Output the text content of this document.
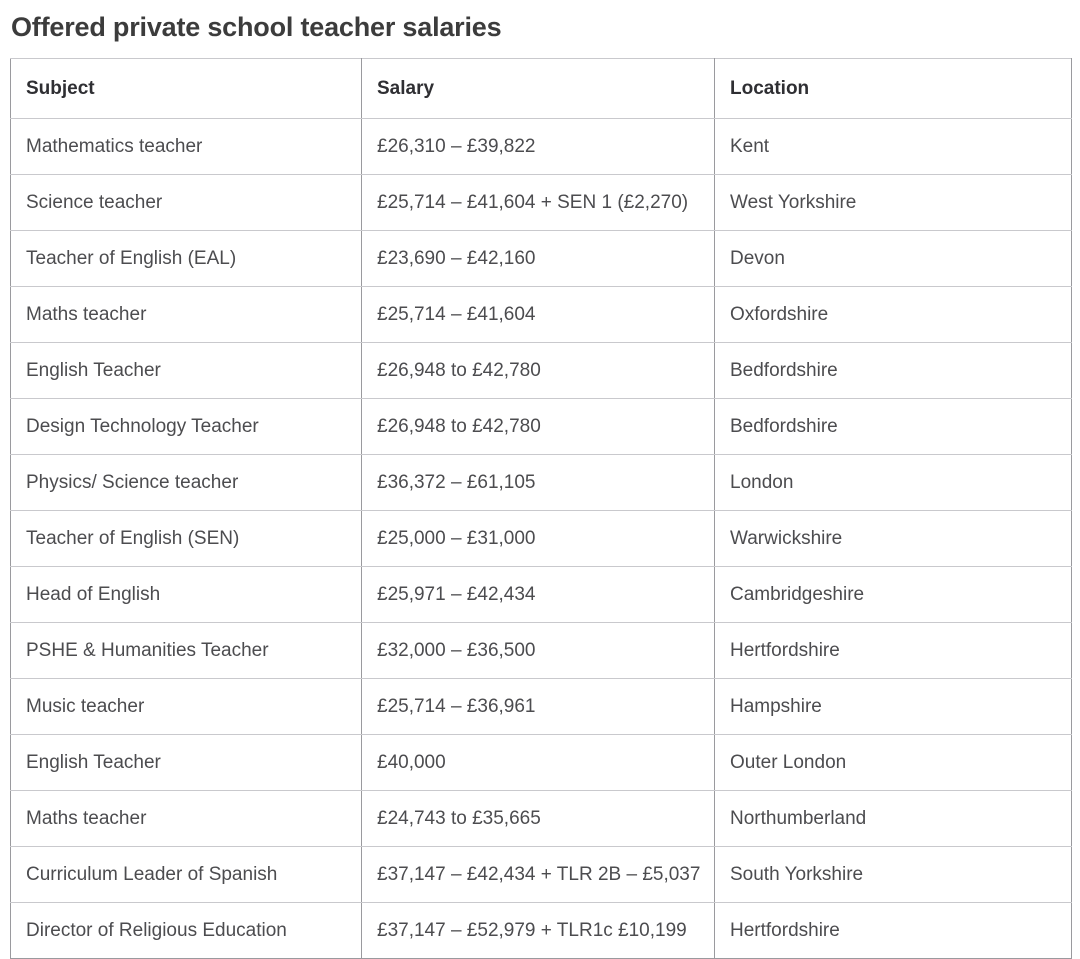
Offered private school teacher salaries
Subject	Salary	Location
Mathematics teacher	£26,310 – £39,822	Kent
Science teacher	£25,714 – £41,604 + SEN 1 (£2,270)	West Yorkshire
Teacher of English (EAL)	£23,690 – £42,160	Devon
Maths teacher	£25,714 – £41,604	Oxfordshire
English Teacher	£26,948 to £42,780	Bedfordshire
Design Technology Teacher	£26,948 to £42,780	Bedfordshire
Physics/ Science teacher	£36,372 – £61,105	London
Teacher of English (SEN)	£25,000 – £31,000	Warwickshire
Head of English	£25,971 – £42,434	Cambridgeshire
PSHE & Humanities Teacher	£32,000 – £36,500	Hertfordshire
Music teacher	£25,714 – £36,961	Hampshire
English Teacher	£40,000	Outer London
Maths teacher	£24,743 to £35,665	Northumberland
Curriculum Leader of Spanish	£37,147 – £42,434 + TLR 2B – £5,037	South Yorkshire
Director of Religious Education	£37,147 – £52,979 + TLR1c £10,199	Hertfordshire
